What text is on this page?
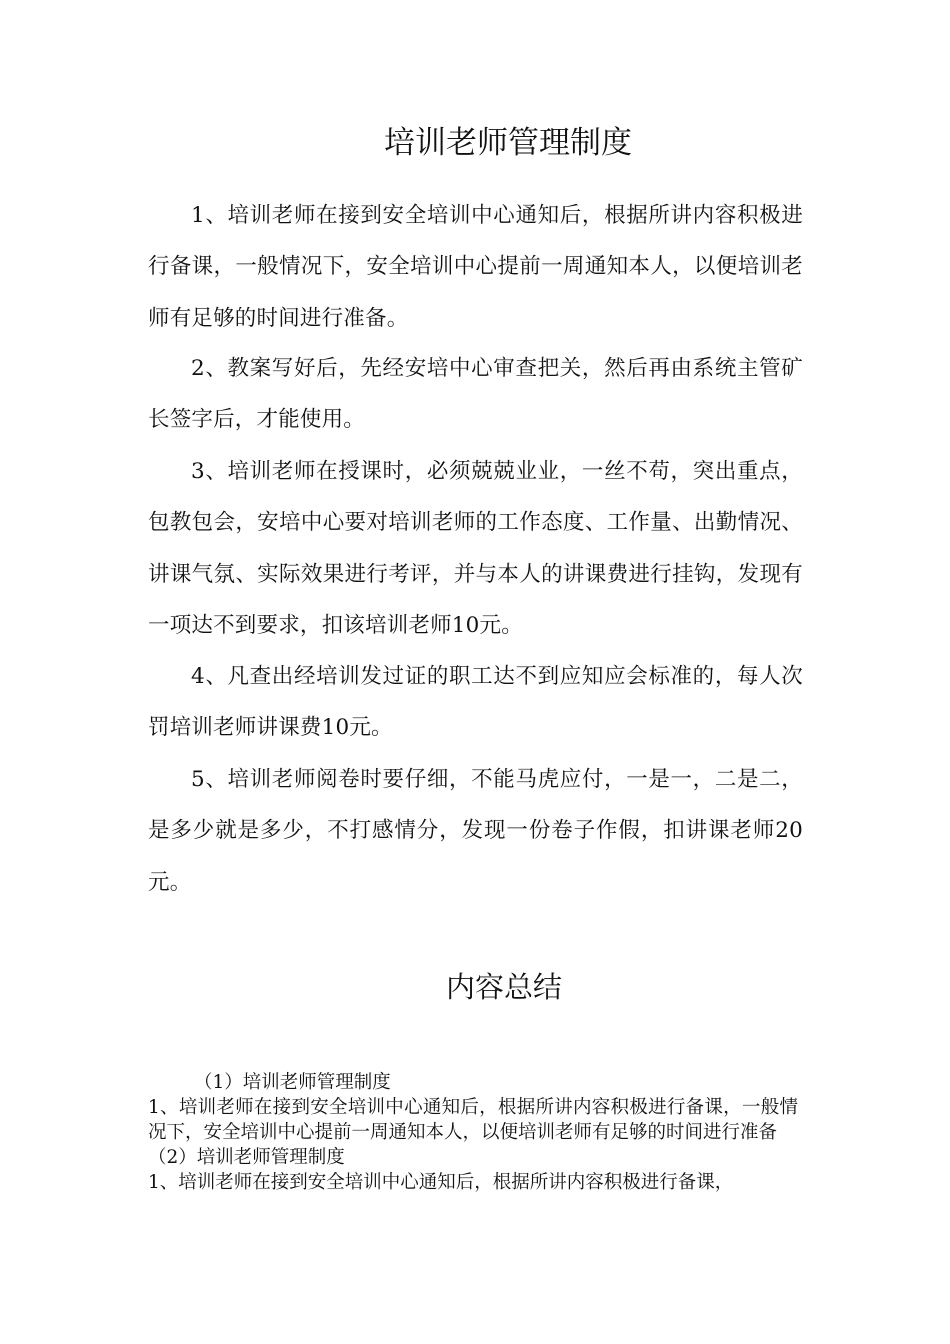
培训老师管理制度

1、培训老师在接到安全培训中心通知后，根据所讲内容积极进行备课，一般情况下，安全培训中心提前一周通知本人，以便培训老师有足够的时间进行准备。

2、教案写好后，先经安培中心审查把关，然后再由系统主管矿长签字后，才能使用。

3、培训老师在授课时，必须兢兢业业，一丝不苟，突出重点，包教包会，安培中心要对培训老师的工作态度、工作量、出勤情况、讲课气氛、实际效果进行考评，并与本人的讲课费进行挂钩，发现有一项达不到要求，扣该培训老师10元。

4、凡查出经培训发过证的职工达不到应知应会标准的，每人次罚培训老师讲课费10元。

5、培训老师阅卷时要仔细，不能马虎应付，一是一，二是二，是多少就是多少，不打感情分，发现一份卷子作假，扣讲课老师20元。

内容总结
（1）培训老师管理制度
1、培训老师在接到安全培训中心通知后，根据所讲内容积极进行备课，一般情况下，安全培训中心提前一周通知本人，以便培训老师有足够的时间进行准备
（2）培训老师管理制度
1、培训老师在接到安全培训中心通知后，根据所讲内容积极进行备课，
